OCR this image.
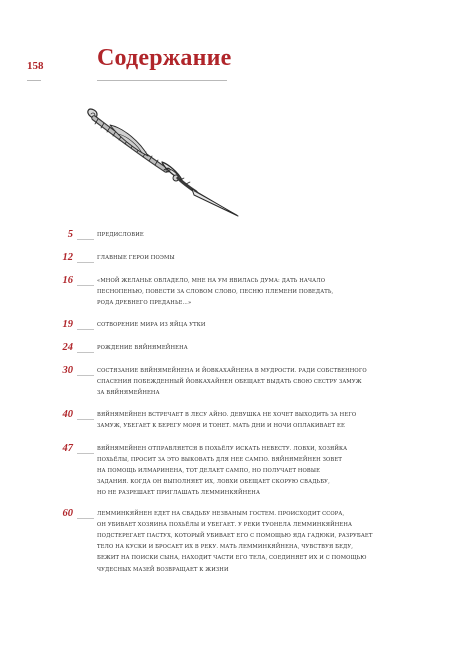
158 Содержание
5	ПРЕДИСЛОВИЕ
12	ГЛАВНЫЕ ГЕРОИ ПОЭМЫ
16	«МНОЙ ЖЕЛАНЬЕ ОВЛАДЕЛО, МНЕ НА УМ ЯВИЛАСЬ ДУМА: ДАТЬ НАЧАЛО
ПЕСНОПЕНЬЮ, ПОВЕСТИ ЗА СЛОВОМ СЛОВО, ПЕСНЮ ПЛЕМЕНИ ПОВЕДАТЬ,
РОДА ДРЕВНЕГО ПРЕДАНЬЕ...»
19	СОТВОРЕНИЕ МИРА ИЗ ЯЙЦА УТКИ
24	РОЖДЕНИЕ ВЯЙНЯМЕЙНЕНА
30	СОСТЯЗАНИЕ ВЯЙНЯМЕЙНЕНА И ЙОВКАХАЙНЕНА В МУДРОСТИ. РАДИ СОБСТВЕННОГО
СПАСЕНИЯ ПОБЕЖДЕННЫЙ ЙОВКАХАЙНЕН ОБЕЩАЕТ ВЫДАТЬ СВОЮ СЕСТРУ ЗАМУЖ
ЗА ВЯЙНЯМЕЙНЕНА
40	ВЯЙНЯМЕЙНЕН ВСТРЕЧАЕТ В ЛЕСУ АЙНО. ДЕВУШКА НЕ ХОЧЕТ ВЫХОДИТЬ ЗА НЕГО
ЗАМУЖ, УБЕГАЕТ К БЕРЕГУ МОРЯ И ТОНЕТ. МАТЬ ДНИ И НОЧИ ОПЛАКИВАЕТ ЕЕ
47	ВЯЙНЯМЕЙНЕН ОТПРАВЛЯЕТСЯ В ПОХЬЁЛУ ИСКАТЬ НЕВЕСТУ. ЛОВХИ, ХОЗЯЙКА
ПОХЬЁЛЫ, ПРОСИТ ЗА ЭТО ВЫКОВАТЬ ДЛЯ НЕЕ САМПО. ВЯЙНЯМЕЙНЕН ЗОВЕТ
НА ПОМОЩЬ ИЛМАРИНЕНА, ТОТ ДЕЛАЕТ САМПО, НО ПОЛУЧАЕТ НОВЫЕ
ЗАДАНИЯ. КОГДА ОН ВЫПОЛНЯЕТ ИХ, ЛОВХИ ОБЕЩАЕТ СКОРУЮ СВАДЬБУ,
НО НЕ РАЗРЕШАЕТ ПРИГЛАШАТЬ ЛЕММИНКЯЙНЕНА
60	ЛЕММИНКЯЙНЕН ЕДЕТ НА СВАДЬБУ НЕЗВАНЫМ ГОСТЕМ. ПРОИСХОДИТ ССОРА,
ОН УБИВАЕТ ХОЗЯИНА ПОХЬЁЛЫ И УБЕГАЕТ. У РЕКИ ТУОНЕЛА ЛЕММИНКЯЙНЕНА
ПОДСТЕРЕГАЕТ ПАСТУХ, КОТОРЫЙ УБИВАЕТ ЕГО С ПОМОЩЬЮ ЯДА ГАДЮКИ, РАЗРУБАЕТ
ТЕЛО НА КУСКИ И БРОСАЕТ ИХ В РЕКУ. МАТЬ ЛЕММИНКЯЙНЕНА, ЧУВСТВУЯ БЕДУ,
БЕЖИТ НА ПОИСКИ СЫНА, НАХОДИТ ЧАСТИ ЕГО ТЕЛА, СОЕДИНЯЕТ ИХ И С ПОМОЩЬЮ
ЧУДЕСНЫХ МАЗЕЙ ВОЗВРАЩАЕТ К ЖИЗНИ
